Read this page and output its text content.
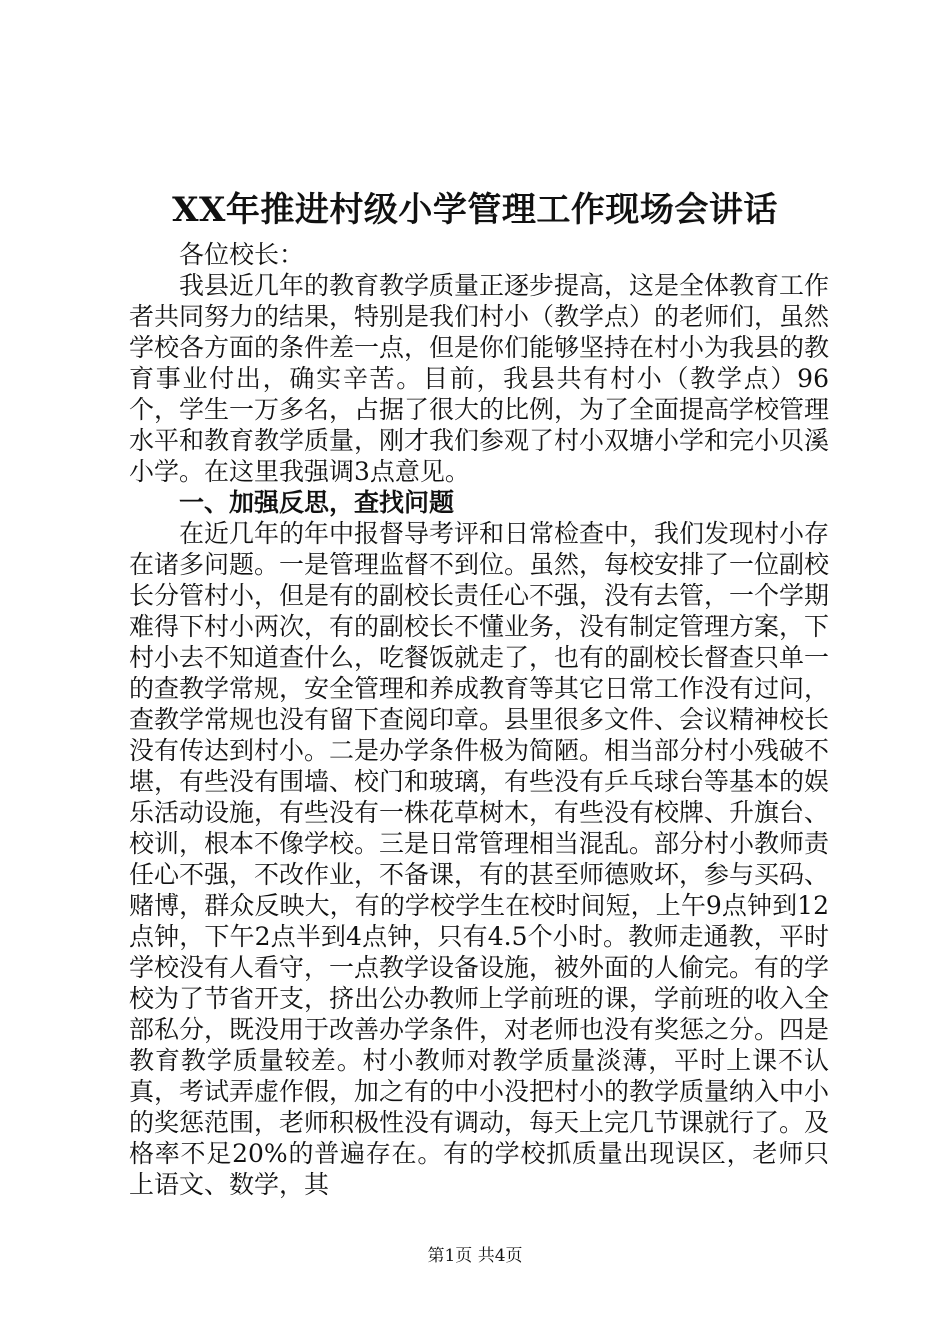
XX年推进村级小学管理工作现场会讲话

各位校长：

我县近几年的教育教学质量正逐步提高，这是全体教育工作者共同努力的结果，特别是我们村小（教学点）的老师们，虽然学校各方面的条件差一点，但是你们能够坚持在村小为我县的教育事业付出，确实辛苦。目前，我县共有村小（教学点）96个，学生一万多名，占据了很大的比例，为了全面提高学校管理水平和教育教学质量，刚才我们参观了村小双塘小学和完小贝溪小学。在这里我强调3点意见。

一、加强反思，查找问题

在近几年的年中报督导考评和日常检查中，我们发现村小存在诸多问题。一是管理监督不到位。虽然，每校安排了一位副校长分管村小，但是有的副校长责任心不强，没有去管，一个学期难得下村小两次，有的副校长不懂业务，没有制定管理方案，下村小去不知道查什么，吃餐饭就走了，也有的副校长督查只单一的查教学常规，安全管理和养成教育等其它日常工作没有过问，查教学常规也没有留下查阅印章。县里很多文件、会议精神校长没有传达到村小。二是办学条件极为简陋。相当部分村小残破不堪，有些没有围墙、校门和玻璃，有些没有乒乓球台等基本的娱乐活动设施，有些没有一株花草树木，有些没有校牌、升旗台、校训，根本不像学校。三是日常管理相当混乱。部分村小教师责任心不强，不改作业，不备课，有的甚至师德败坏，参与买码、赌博，群众反映大，有的学校学生在校时间短，上午9点钟到12点钟，下午2点半到4点钟，只有4.5个小时。教师走通教，平时学校没有人看守，一点教学设备设施，被外面的人偷完。有的学校为了节省开支，挤出公办教师上学前班的课，学前班的收入全部私分，既没用于改善办学条件，对老师也没有奖惩之分。四是教育教学质量较差。村小教师对教学质量淡薄，平时上课不认真，考试弄虚作假，加之有的中小没把村小的教学质量纳入中小的奖惩范围，老师积极性没有调动，每天上完几节课就行了。及格率不足20%的普遍存在。有的学校抓质量出现误区，老师只上语文、数学，其

第1页 共4页
